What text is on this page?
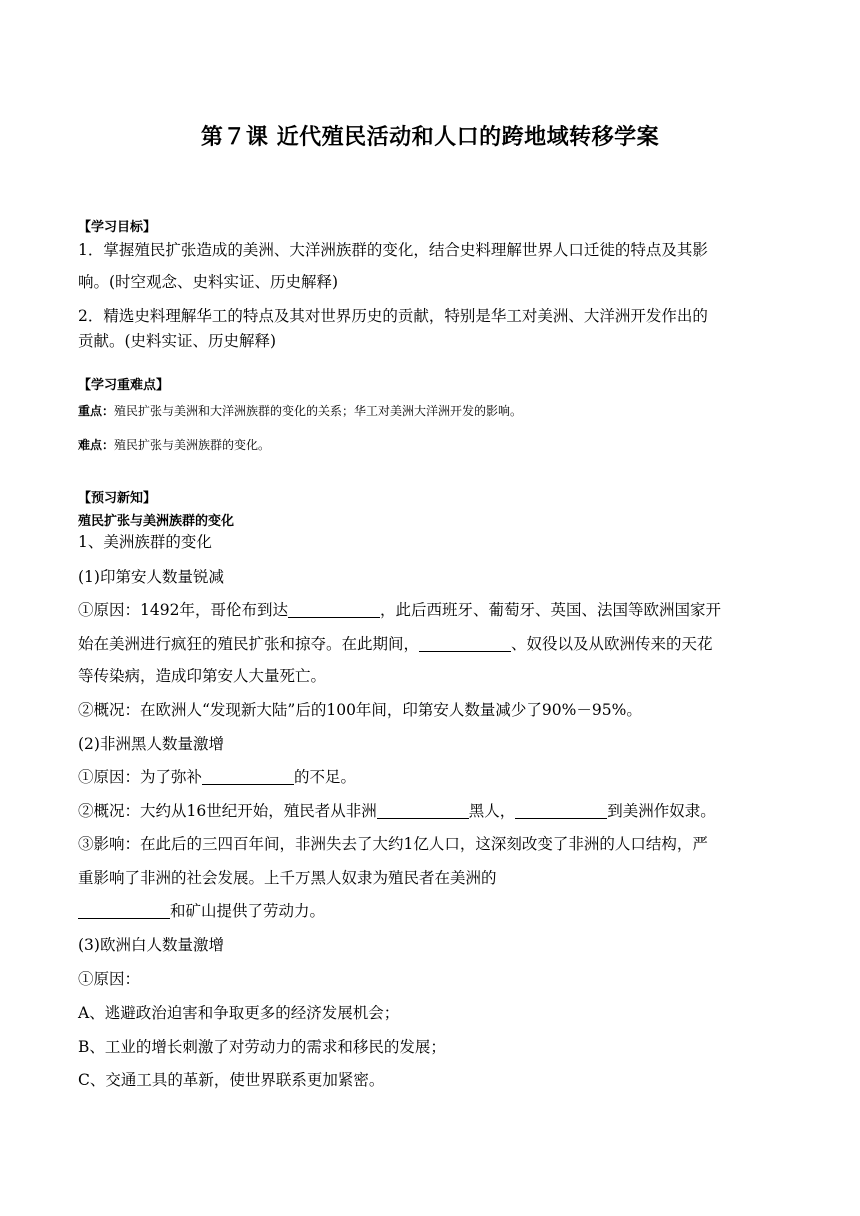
第７课 近代殖民活动和人口的跨地域转移学案
【学习目标】
1．掌握殖民扩张造成的美洲、大洋洲族群的变化，结合史料理解世界人口迁徙的特点及其影
响。(时空观念、史料实证、历史解释)
2．精选史料理解华工的特点及其对世界历史的贡献，特别是华工对美洲、大洋洲开发作出的
贡献。(史料实证、历史解释)
【学习重难点】
重点：殖民扩张与美洲和大洋洲族群的变化的关系；华工对美洲大洋洲开发的影响。
难点：殖民扩张与美洲族群的变化。
【预习新知】
殖民扩张与美洲族群的变化
1、美洲族群的变化
(1)印第安人数量锐减
①原因：1492年，哥伦布到达	，此后西班牙、葡萄牙、英国、法国等欧洲国家开
始在美洲进行疯狂的殖民扩张和掠夺。在此期间，	、奴役以及从欧洲传来的天花
等传染病，造成印第安人大量死亡。
②概况：在欧洲人“发现新大陆”后的100年间，印第安人数量减少了90%－95%。
(2)非洲黑人数量激增
①原因：为了弥补	的不足。
②概况：大约从16世纪开始，殖民者从非洲	黑人，	到美洲作奴隶。
③影响：在此后的三四百年间，非洲失去了大约1亿人口，这深刻改变了非洲的人口结构，严
重影响了非洲的社会发展。上千万黑人奴隶为殖民者在美洲的
和矿山提供了劳动力。
(3)欧洲白人数量激增
①原因：
A、逃避政治迫害和争取更多的经济发展机会；
B、工业的增长刺激了对劳动力的需求和移民的发展；
C、交通工具的革新，使世界联系更加紧密。
